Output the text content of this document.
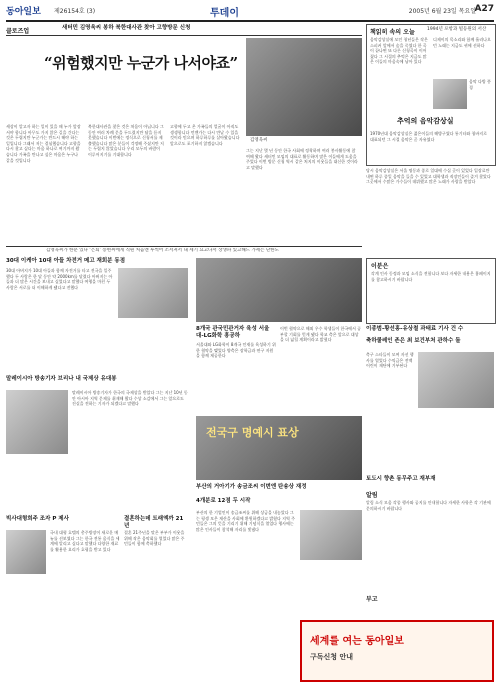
동아일보 제26154호 (3)	투데이	2005년 6월 23일 목요일
A27
클로즈업	새터민 김영욱씨 봉하 북한대사관 찾아 고향방문 신청
“위험했지만 누군가 나서야죠”
김영욱씨
세상이 알고자 하는 일이 있을 때 누가 앞장서야 합니다 아무도 가지 않은 길을 간다는 것은 두렵지만 누군가는 반드시 해야 하는 일입니다 그래서 저는 결심했습니다 고향을 다시 찾고 싶다는 마음 하나로 여기까지 왔습니다 가족을 만나고 싶은 마음은 누구나 같을 것입니다
북한대사관을 찾은 것은 처음이 아닙니다 그동안 여러 차례 문을 두드렸지만 답을 듣지 못했습니다 이번에는 정식으로 신청서를 제출했습니다 많은 분들이 걱정해 주셨지만 저는 두렵지 않았습니다 우리 모두의 바람이 이루어지기를 기대합니다
고향에 두고 온 가족들의 얼굴이 아직도 생생합니다 언젠가는 다시 만날 수 있을 것이라 믿으며 하루하루를 살아왔습니다 앞으로도 포기하지 않겠습니다
그는 지난 몇 년 동안 한국 사회에 정착하며 여러 봉사활동에 참여해 왔다 새터민 모임의 대표로 활동하며 많은 이들에게 도움을 주었다 이번 방문 신청 역시 같은 처지의 이웃들을 대신한 것이라고 말했다
김영욱씨가 한분 있다 ‘은퇴’ 송현씨에게 직원 처음엔 투쩍어 소서져서 내 세기 요고나서 상생파 있고해드 가세는 단한도
책읽히 속의 오늘	1994년 포항과 빌등원의 서산
음악감상실에 모인 청년들은 작은 스피커 앞에서 숨을 죽였다 한 곡이 끝나면 또 다른 신청곡이 이어졌다 그 시절의 추억은 지금도 많은 이들의 마음속에 남아 있다
디제이의 목소리와 함께 흘러나오던 노래는 지금도 귀에 선하다
음악 다방 풍경
추억의 음악감상실
1970년대 음악감상실은 젊은이들의 해방구였다 통기타와 청바지로 대표되던 그 시절 음악은 곧 자유였다
당시 음악감상실은 서울 명동과 종로 일대에 수십 곳이 있었다 입장료만 내면 하루 종일 음악을 들을 수 있었고 대학생과 직장인들이 즐겨 찾았다 그곳에서 수많은 가수들이 데뷔했고 많은 노래가 사랑을 받았다
30대 이케아 10대 아들 차전거 메고 재회분 동점
30대 아버지가 10대 아들과 함께 자전거를 타고 전국을 일주했다 두 사람은 한 달 동안 약 2000km를 달렸다 아버지는 아들과 더 많은 시간을 보내고 싶었다고 말했다 여행을 마친 두 사람은 서로를 더 이해하게 됐다고 전했다
8개국 관국민관거자 육성 서울대-LG화학 흥공하
서울대와 LG화학이 8개국 인재를 육성하기 위한 협약을 맺었다 양측은 장학금과 연구 지원을 함께 제공한다
이번 협약으로 해외 우수 학생들이 한국에서 공부할 기회를 얻게 됐다 학교 측은 앞으로 대상을 더 넓힐 계획이라고 밝혔다
이분은
각계 인사 동정과 모임 소식을 전합니다 보다 자세한 내용은 홈페이지를 참고하시기 바랍니다
말레이시아 방송기자 브리나 내 국제상 유대봉
말레이시아 방송기자가 한국의 국제상을 받았다 그는 지난 10년 동안 아시아 지역 문제를 취재해 왔다 수상 소감에서 그는 앞으로도 진실을 전하는 기자가 되겠다고 말했다
빅사대형희주 조자 P 제사
국내 대형 호텔의 총주방장이 새로운 메뉴를 선보였다 그는 한국 전통 음식을 세계에 알리고 싶다고 말했다 다양한 재료를 활용한 요리가 호평을 받고 있다
결혼하는데 트래엑까 21 년
결혼 21주년을 맞은 부부가 이웃을 위해 작은 음악회를 열었다 많은 주민들이 함께 축하했다
전국구 명예시 표상
부산의 거아기가 송금조씨 이번엔 탄송상 재정
4개분로 12점 두 시작
부산의 한 기업인이 송금조씨를 위해 상금을 내놓았다 그는 평생 모은 재산을 사회에 환원하겠다고 밝혔다 지역 주민들은 그의 뜻을 기리기 위해 기념식을 열었다 행사에는 많은 인사들이 참석해 자리를 빛냈다
이종범-황선홍-유상철 과태료 기사 건 수
축하쿨레인 존은 최 보건부처 관하수 돌
축구 스타들이 모여 자선 행사를 열었다 수익금은 전액 어린이 재단에 기부된다
토도시 향촌 동무주고 재부재
알림
알림 소식 모음 각종 행사와 공지를 안내합니다 자세한 사항은 각 기관에 문의하시기 바랍니다
부고
세계를 여는 동아일보
구독신청 안내
